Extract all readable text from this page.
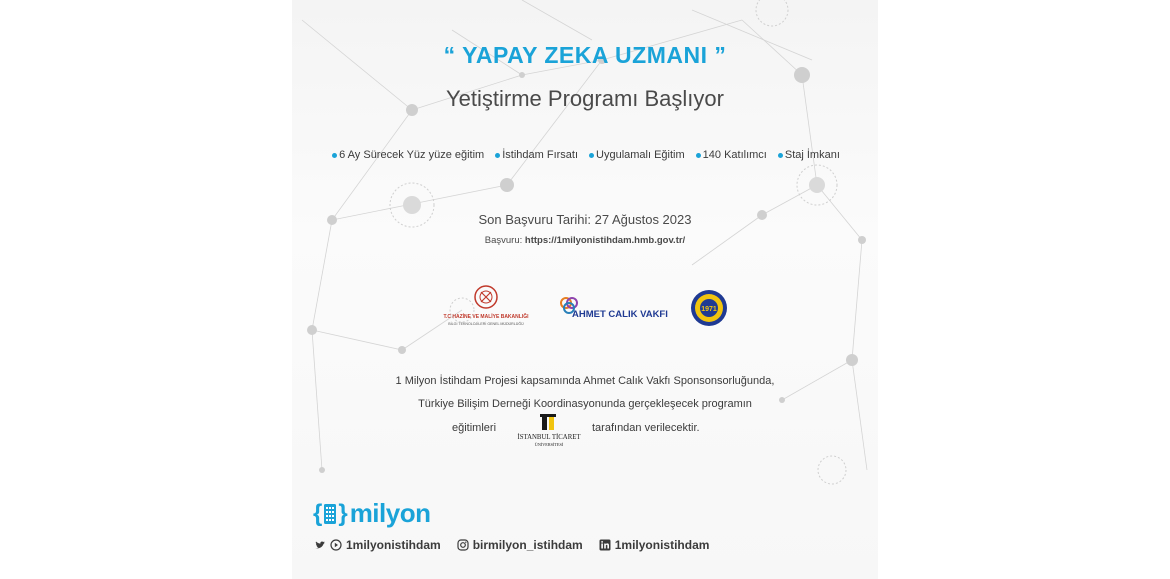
“ YAPAY ZEKA UZMANI ”
Yetiştirme Programı Başlıyor
6 Ay Sürecek Yüz yüze eğitim İstihdam Fırsatı Uygulamalı Eğitim 140 Katılımcı Staj İmkanı
Son Başvuru Tarihi: 27 Ağustos 2023
Başvuru: https://1milyonistihdam.hmb.gov.tr/
T.C HAZİNE VE MALİYE BAKANLIĞI
BİLGİ TEKNOLOJİLERİ GENEL MÜDÜRLÜĞÜ
AHMET CALIK VAKFI	1971
1 Milyon İstihdam Projesi kapsamında Ahmet Calık Vakfı Sponsonsorluğunda,
Türkiye Bilişim Derneği Koordinasyonunda gerçekleşecek programın
eğitimleri
İSTANBUL TİCARET
ÜNİVERSİTESİ
tarafından verilecektir.
{ } milyon
1milyonistihdam	birmilyon_istihdam	1milyonistihdam
